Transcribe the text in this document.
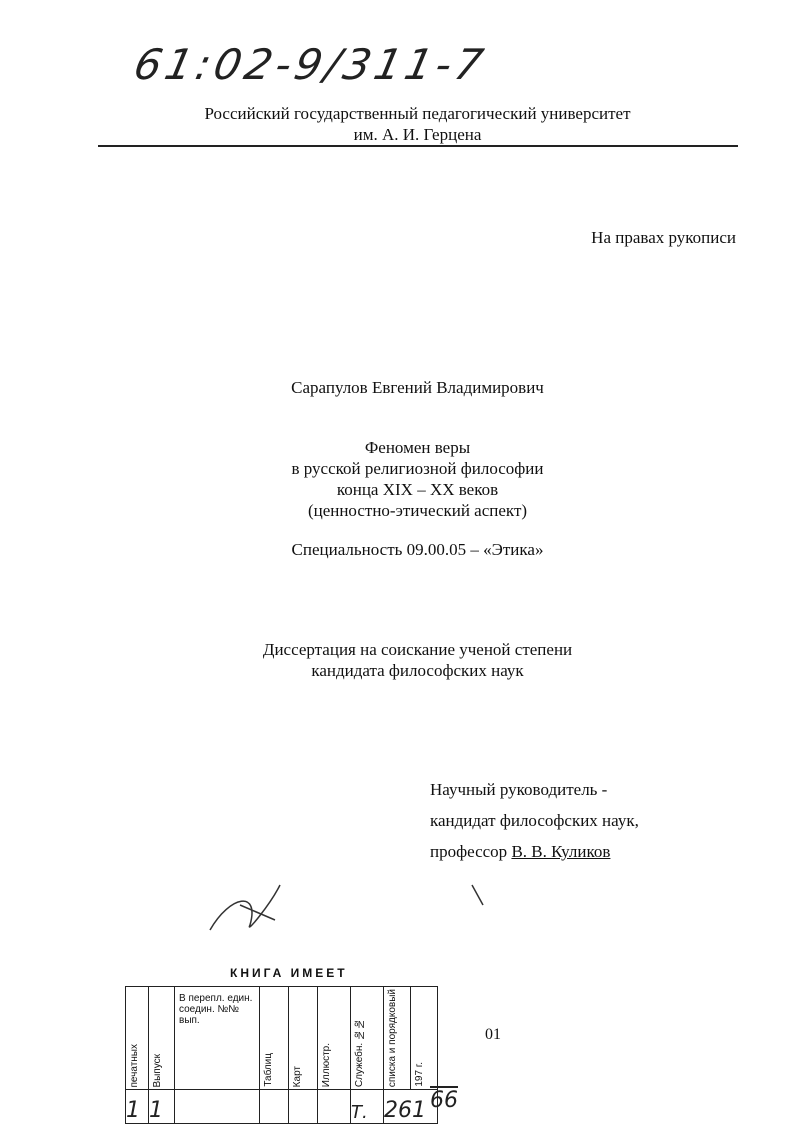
61:02-9/311-7
Российский государственный педагогический университет
им. А. И. Герцена
На правах рукописи
Сарапулов Евгений Владимирович
Феномен веры
в русской религиозной философии
конца XIX – XX веков
(ценностно-этический аспект)
Специальность 09.00.05 – «Этика»
Диссертация на соискание ученой степени
кандидата философских наук
Научный руководитель -
кандидат философских наук,
профессор В. В. Куликов
КНИГА ИМЕЕТ
печатных	Выпуск	В перепл. един. соедин. №№ вып.	Таблиц	Карт	Иллюстр.	Служебн. №№	списка и порядковый	197 г.

1	1					Т.	261	66
01
